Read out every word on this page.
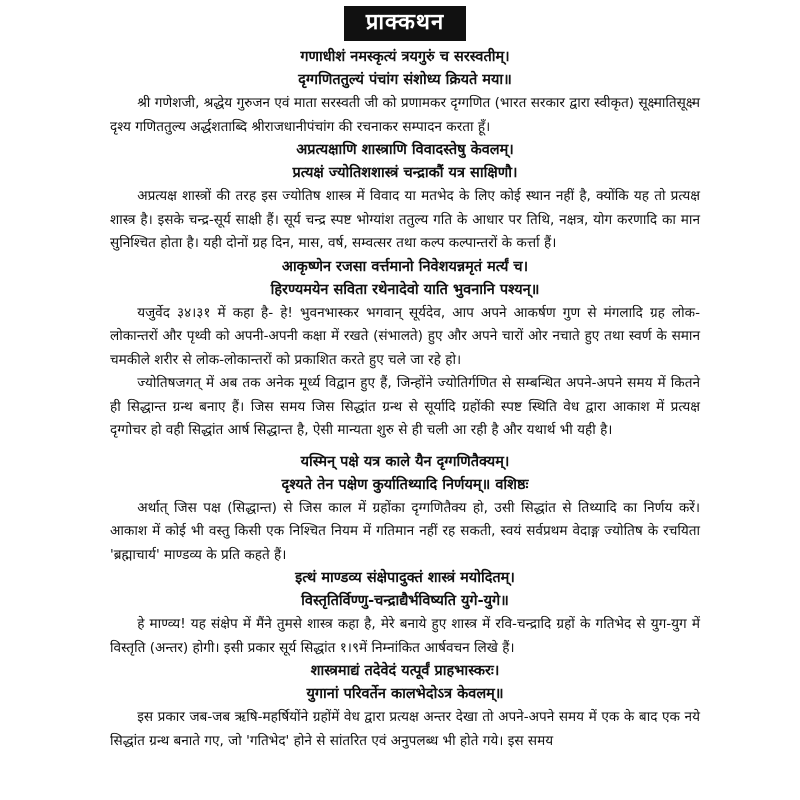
प्राक्कथन
गणाधीशं नमस्कृत्यं त्रयगुरुं च सरस्वतीम्।
दृग्गणिततुल्यं पंचांग संशोध्य क्रियते मया॥

श्री गणेशजी, श्रद्धेय गुरुजन एवं माता सरस्वती जी को प्रणामकर दृग्गणित (भारत सरकार द्वारा स्वीकृत) सूक्ष्मातिसूक्ष्म दृश्य गणिततुल्य अर्द्धशताब्दि श्रीराजधानीपंचांग की रचनाकर सम्पादन करता हूँ।

अप्रत्यक्षाणि शास्त्राणि विवादस्तेषु केवलम्।
प्रत्यक्षं ज्योतिशशास्त्रं चन्द्राकौं यत्र साक्षिणौ।

अप्रत्यक्ष शास्त्रों की तरह इस ज्योतिष शास्त्र में विवाद या मतभेद के लिए कोई स्थान नहीं है, क्योंकि यह तो प्रत्यक्ष शास्त्र है। इसके चन्द्र-सूर्य साक्षी हैं। सूर्य चन्द्र स्पष्ट भोग्यांश ततुल्य गति के आधार पर तिथि, नक्षत्र, योग करणादि का मान सुनिश्चित होता है। यही दोनों ग्रह दिन, मास, वर्ष, सम्वत्सर तथा कल्प कल्पान्तरों के कर्त्ता हैं।

आकृष्णेन रजसा वर्त्तमानो निवेशयन्नमृतं मर्त्यं च।
हिरण्यमयेन सविता रथेनादेवो याति भुवनानि पश्यन्॥

यजुर्वेद ३४।३१ में कहा है- हे! भुवनभास्कर भगवान् सूर्यदेव, आप अपने आकर्षण गुण से मंगलादि ग्रह लोक-लोकान्तरों और पृथ्वी को अपनी-अपनी कक्षा में रखते (संभालते) हुए और अपने चारों ओर नचाते हुए तथा स्वर्ण के समान चमकीले शरीर से लोक-लोकान्तरों को प्रकाशित करते हुए चले जा रहे हो।

ज्योतिषजगत् में अब तक अनेक मूर्ध्य विद्वान हुए हैं, जिन्होंने ज्योतिर्गणित से सम्बन्धित अपने-अपने समय में कितने ही सिद्धान्त ग्रन्थ बनाए हैं। जिस समय जिस सिद्धांत ग्रन्थ से सूर्यादि ग्रहोंकी स्पष्ट स्थिति वेध द्वारा आकाश में प्रत्यक्ष दृग्गोचर हो वही सिद्धांत आर्ष सिद्धान्त है, ऐसी मान्यता शुरु से ही चली आ रही है और यथार्थ भी यही है।

यस्मिन् पक्षे यत्र काले यैन दृग्गणितैक्यम्।
दृश्यते तेन पक्षेण कुर्यातिथ्यादि निर्णयम्॥ वशिष्ठः

अर्थात् जिस पक्ष (सिद्धान्त) से जिस काल में ग्रहोंका दृग्गणितैक्य हो, उसी सिद्धांत से तिथ्यादि का निर्णय करें। आकाश में कोई भी वस्तु किसी एक निश्चित नियम में गतिमान नहीं रह सकती, स्वयं सर्वप्रथम वेदाङ्ग ज्योतिष के रचयिता 'ब्रह्माचार्य' माण्डव्य के प्रति कहते हैं।

इत्थं माण्डव्य संक्षेपादुक्तं शास्त्रं मयोदितम्।
विस्तृतिर्विण्णु-चन्द्राद्यैर्भविष्यति युगे-युगे॥

हे माण्व्य! यह संक्षेप में मैंने तुमसे शास्त्र कहा है, मेरे बनाये हुए शास्त्र में रवि-चन्द्रादि ग्रहों के गतिभेद से युग-युग में विस्तृति (अन्तर) होगी। इसी प्रकार सूर्य सिद्धांत १।९में निम्नांकित आर्षवचन लिखे हैं।

शास्त्रमाद्यं तदेवेदं यत्पूर्वं प्राहभास्करः।
युगानां परिवर्तेन कालभेदोऽत्र केवलम्॥

इस प्रकार जब-जब ऋषि-महर्षियोंने ग्रहोंमें वेध द्वारा प्रत्यक्ष अन्तर देखा तो अपने-अपने समय में एक के बाद एक नये सिद्धांत ग्रन्थ बनाते गए, जो 'गतिभेद' होने से सांतरित एवं अनुपलब्ध भी होते गये। इस समय
